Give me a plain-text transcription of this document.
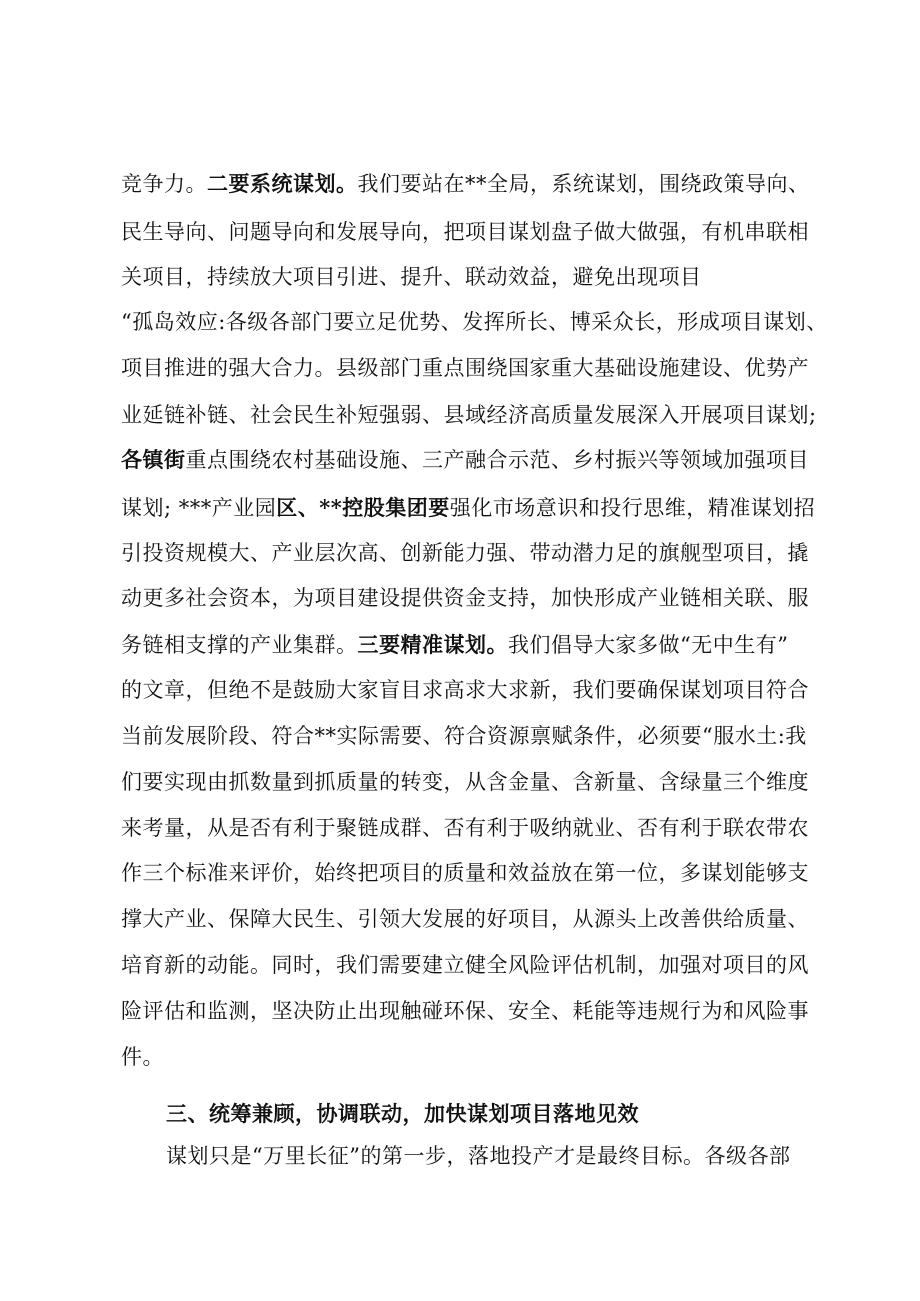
竞争力。二要系统谋划。我们要站在**全局，系统谋划，围绕政策导向、
民生导向、问题导向和发展导向，把项目谋划盘子做大做强，有机串联相
关项目，持续放大项目引进、提升、联动效益，避免出现项目
“孤岛效应:各级各部门要立足优势、发挥所长、博采众长，形成项目谋划、
项目推进的强大合力。县级部门重点围绕国家重大基础设施建设、优势产
业延链补链、社会民生补短强弱、县域经济高质量发展深入开展项目谋划;
各镇街重点围绕农村基础设施、三产融合示范、乡村振兴等领域加强项目
谋划; ***产业园区、**控股集团要强化市场意识和投行思维，精准谋划招
引投资规模大、产业层次高、创新能力强、带动潜力足的旗舰型项目，撬
动更多社会资本，为项目建设提供资金支持，加快形成产业链相关联、服
务链相支撑的产业集群。三要精准谋划。我们倡导大家多做“无中生有”
的文章，但绝不是鼓励大家盲目求高求大求新，我们要确保谋划项目符合
当前发展阶段、符合**实际需要、符合资源禀赋条件，必须要“服水土:我
们要实现由抓数量到抓质量的转变，从含金量、含新量、含绿量三个维度
来考量，从是否有利于聚链成群、否有利于吸纳就业、否有利于联农带农
作三个标准来评价，始终把项目的质量和效益放在第一位，多谋划能够支
撑大产业、保障大民生、引领大发展的好项目，从源头上改善供给质量、
培育新的动能。同时，我们需要建立健全风险评估机制，加强对项目的风
险评估和监测，坚决防止出现触碰环保、安全、耗能等违规行为和风险事
件。
三、统筹兼顾，协调联动，加快谋划项目落地见效
谋划只是“万里长征”的第一步，落地投产才是最终目标。各级各部
